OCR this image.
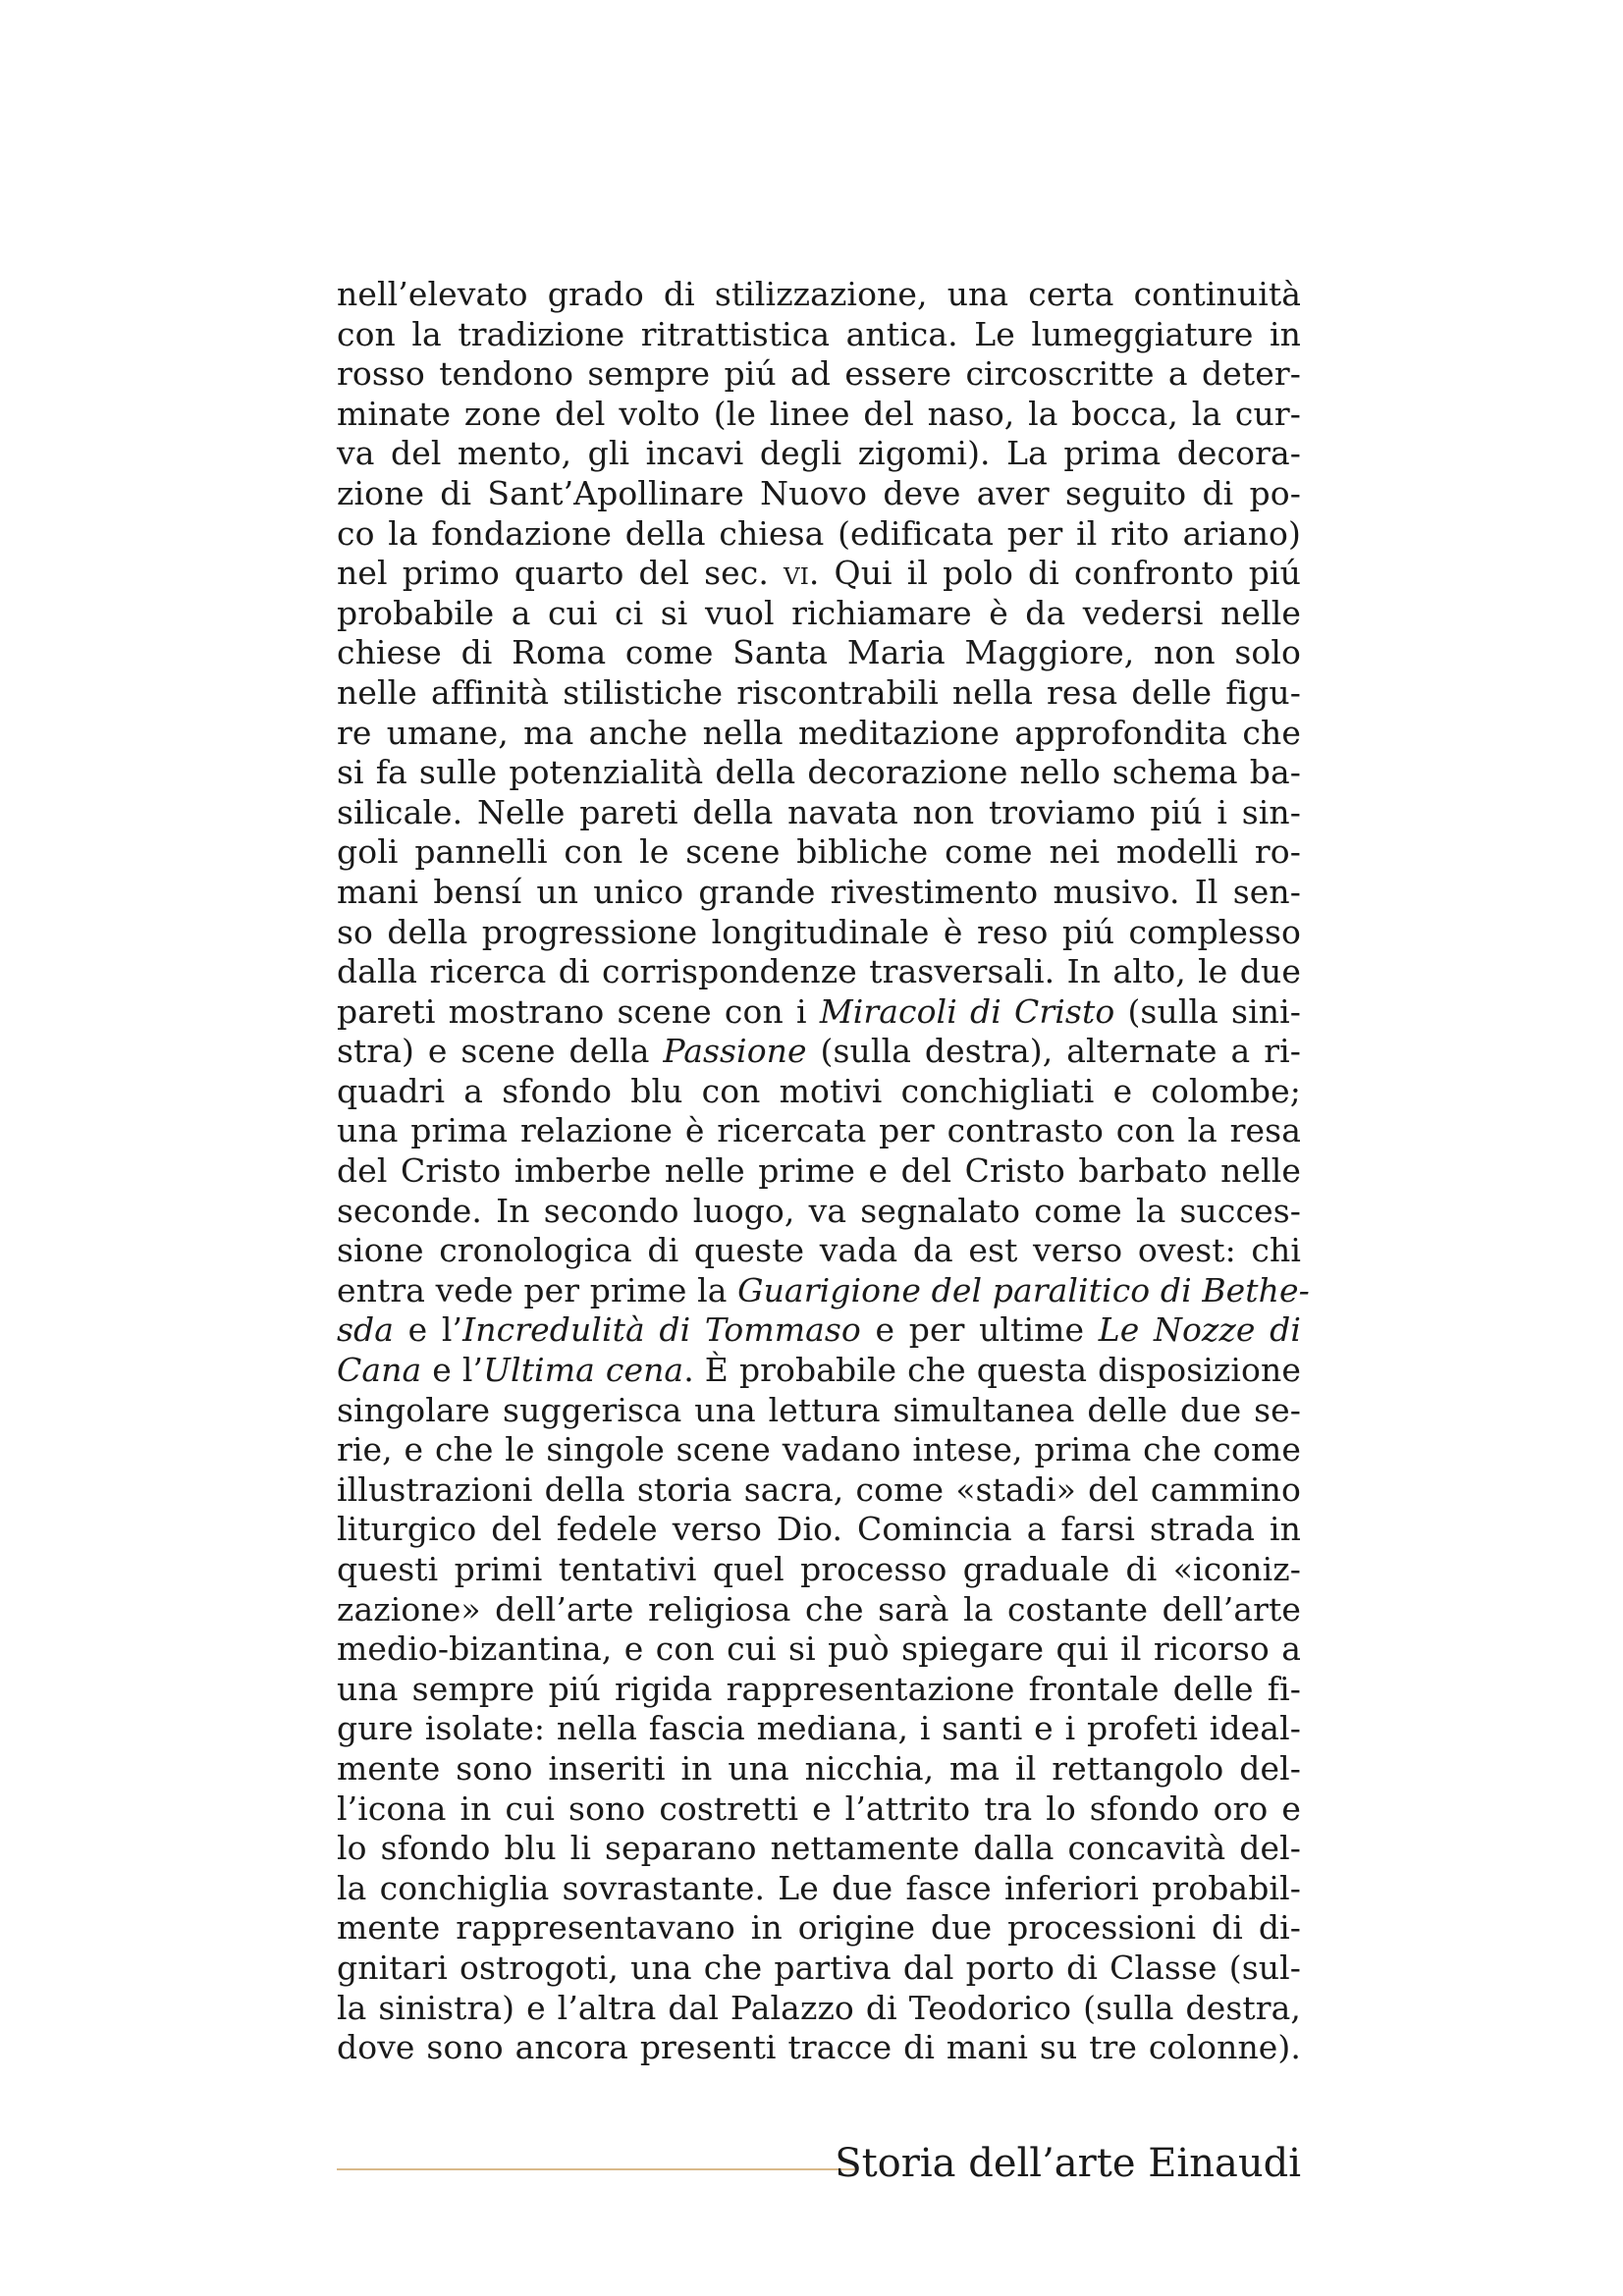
nell’elevato grado di stilizzazione, una certa continuità
con la tradizione ritrattistica antica. Le lumeggiature in
rosso tendono sempre piú ad essere circoscritte a deter-
minate zone del volto (le linee del naso, la bocca, la cur-
va del mento, gli incavi degli zigomi). La prima decora-
zione di Sant’Apollinare Nuovo deve aver seguito di po-
co la fondazione della chiesa (edificata per il rito ariano)
nel primo quarto del sec. vi. Qui il polo di confronto piú
probabile a cui ci si vuol richiamare è da vedersi nelle
chiese di Roma come Santa Maria Maggiore, non solo
nelle affinità stilistiche riscontrabili nella resa delle figu-
re umane, ma anche nella meditazione approfondita che
si fa sulle potenzialità della decorazione nello schema ba-
silicale. Nelle pareti della navata non troviamo piú i sin-
goli pannelli con le scene bibliche come nei modelli ro-
mani bensí un unico grande rivestimento musivo. Il sen-
so della progressione longitudinale è reso piú complesso
dalla ricerca di corrispondenze trasversali. In alto, le due
pareti mostrano scene con i Miracoli di Cristo (sulla sini-
stra) e scene della Passione (sulla destra), alternate a ri-
quadri a sfondo blu con motivi conchigliati e colombe;
una prima relazione è ricercata per contrasto con la resa
del Cristo imberbe nelle prime e del Cristo barbato nelle
seconde. In secondo luogo, va segnalato come la succes-
sione cronologica di queste vada da est verso ovest: chi
entra vede per prime la Guarigione del paralitico di Bethe-
sda e l’Incredulità di Tommaso e per ultime Le Nozze di
Cana e l’Ultima cena. È probabile che questa disposizione
singolare suggerisca una lettura simultanea delle due se-
rie, e che le singole scene vadano intese, prima che come
illustrazioni della storia sacra, come «stadi» del cammino
liturgico del fedele verso Dio. Comincia a farsi strada in
questi primi tentativi quel processo graduale di «iconiz-
zazione» dell’arte religiosa che sarà la costante dell’arte
medio-bizantina, e con cui si può spiegare qui il ricorso a
una sempre piú rigida rappresentazione frontale delle fi-
gure isolate: nella fascia mediana, i santi e i profeti ideal-
mente sono inseriti in una nicchia, ma il rettangolo del-
l’icona in cui sono costretti e l’attrito tra lo sfondo oro e
lo sfondo blu li separano nettamente dalla concavità del-
la conchiglia sovrastante. Le due fasce inferiori probabil-
mente rappresentavano in origine due processioni di di-
gnitari ostrogoti, una che partiva dal porto di Classe (sul-
la sinistra) e l’altra dal Palazzo di Teodorico (sulla destra,
dove sono ancora presenti tracce di mani su tre colonne).
Storia dell’arte Einaudi
